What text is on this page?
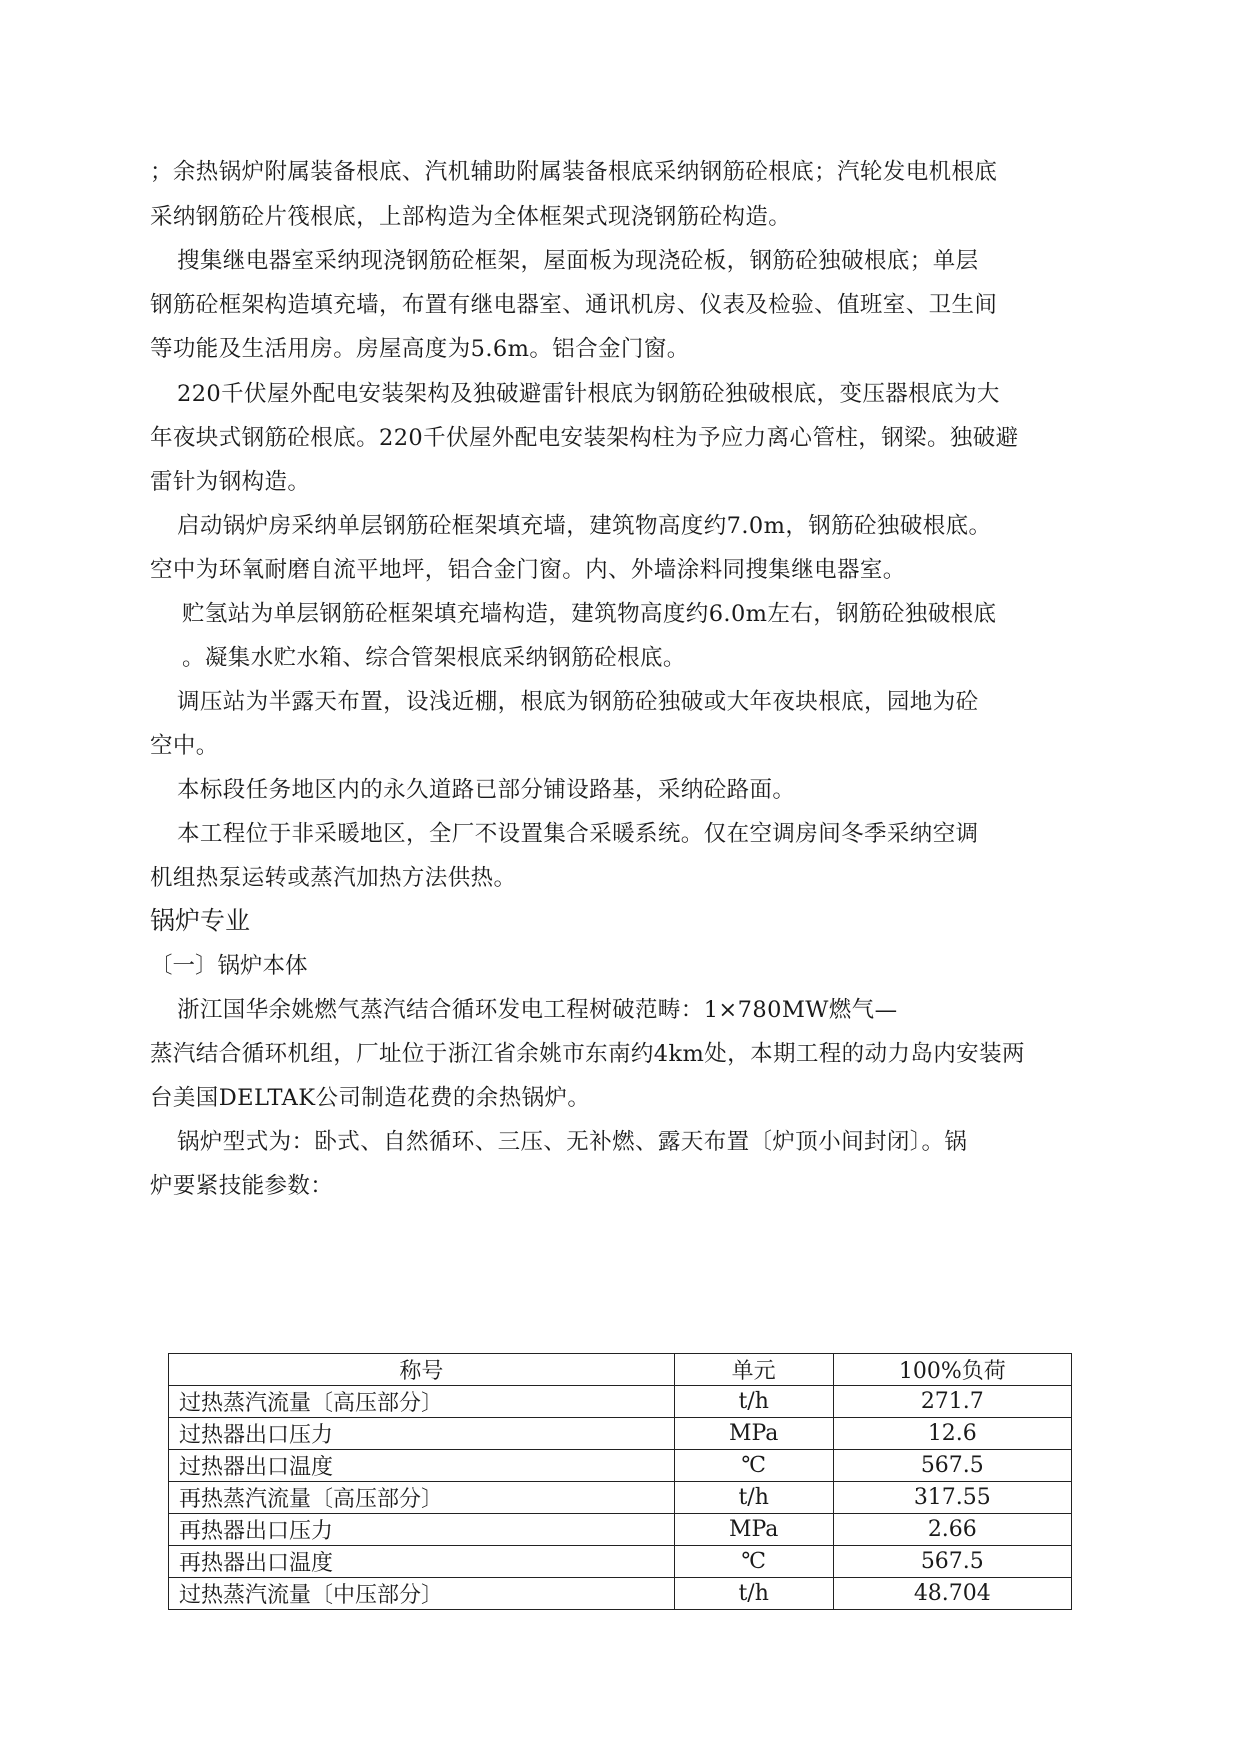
；余热锅炉附属装备根底、汽机辅助附属装备根底采纳钢筋砼根底；汽轮发电机根底
采纳钢筋砼片筏根底，上部构造为全体框架式现浇钢筋砼构造。
搜集继电器室采纳现浇钢筋砼框架，屋面板为现浇砼板，钢筋砼独破根底；单层
钢筋砼框架构造填充墙，布置有继电器室、通讯机房、仪表及检验、值班室、卫生间
等功能及生活用房。房屋高度为5.6m。铝合金门窗。
220千伏屋外配电安装架构及独破避雷针根底为钢筋砼独破根底，变压器根底为大
年夜块式钢筋砼根底。220千伏屋外配电安装架构柱为予应力离心管柱，钢梁。独破避
雷针为钢构造。
启动锅炉房采纳单层钢筋砼框架填充墙，建筑物高度约7.0m，钢筋砼独破根底。
空中为环氧耐磨自流平地坪，铝合金门窗。内、外墙涂料同搜集继电器室。
贮氢站为单层钢筋砼框架填充墙构造，建筑物高度约6.0m左右，钢筋砼独破根底
。凝集水贮水箱、综合管架根底采纳钢筋砼根底。
调压站为半露天布置，设浅近棚，根底为钢筋砼独破或大年夜块根底，园地为砼
空中。
本标段任务地区内的永久道路已部分铺设路基，采纳砼路面。
本工程位于非采暖地区，全厂不设置集合采暖系统。仅在空调房间冬季采纳空调
机组热泵运转或蒸汽加热方法供热。
锅炉专业
〔一〕锅炉本体
浙江国华余姚燃气蒸汽结合循环发电工程树破范畴：1×780MW燃气—
蒸汽结合循环机组，厂址位于浙江省余姚市东南约4km处，本期工程的动力岛内安装两
台美国DELTAK公司制造花费的余热锅炉。
锅炉型式为：卧式、自然循环、三压、无补燃、露天布置〔炉顶小间封闭〕。锅
炉要紧技能参数：
称号	单元	100%负荷
过热蒸汽流量〔高压部分〕	t/h	271.7
过热器出口压力	MPa	12.6
过热器出口温度	℃	567.5
再热蒸汽流量〔高压部分〕	t/h	317.55
再热器出口压力	MPa	2.66
再热器出口温度	℃	567.5
过热蒸汽流量〔中压部分〕	t/h	48.704
